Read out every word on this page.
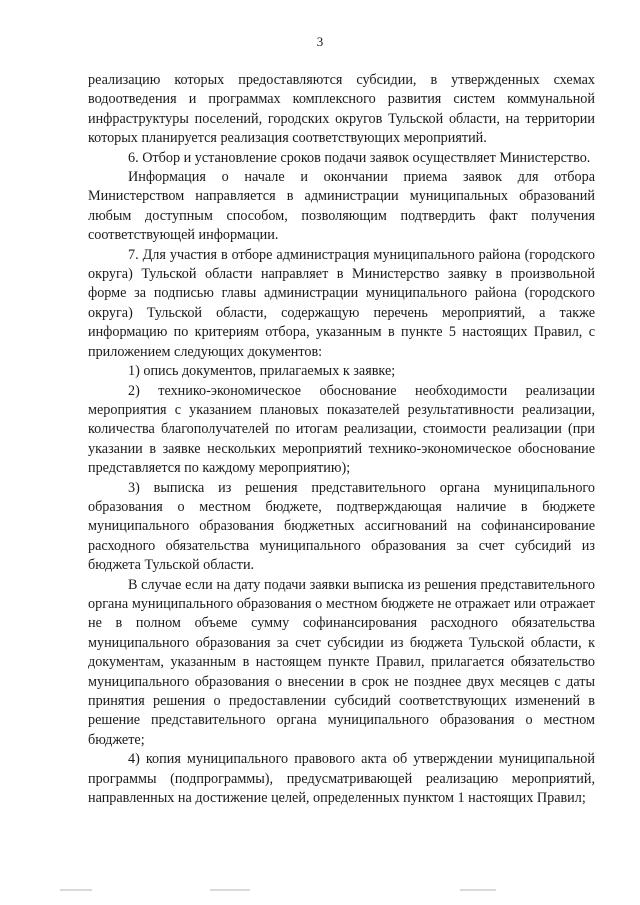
3

реализацию которых предоставляются субсидии, в утвержденных схемах водоотведения и программах комплексного развития систем коммунальной инфраструктуры поселений, городских округов Тульской области, на территории которых планируется реализация соответствующих мероприятий.

6. Отбор и установление сроков подачи заявок осуществляет Министерство.

Информация о начале и окончании приема заявок для отбора Министерством направляется в администрации муниципальных образований любым доступным способом, позволяющим подтвердить факт получения соответствующей информации.

7. Для участия в отборе администрация муниципального района (городского округа) Тульской области направляет в Министерство заявку в произвольной форме за подписью главы администрации муниципального района (городского округа) Тульской области, содержащую перечень мероприятий, а также информацию по критериям отбора, указанным в пункте 5 настоящих Правил, с приложением следующих документов:

1) опись документов, прилагаемых к заявке;

2) технико-экономическое обоснование необходимости реализации мероприятия с указанием плановых показателей результативности реализации, количества благополучателей по итогам реализации, стоимости реализации (при указании в заявке нескольких мероприятий технико-экономическое обоснование представляется по каждому мероприятию);

3) выписка из решения представительного органа муниципального образования о местном бюджете, подтверждающая наличие в бюджете муниципального образования бюджетных ассигнований на софинансирование расходного обязательства муниципального образования за счет субсидий из бюджета Тульской области.

В случае если на дату подачи заявки выписка из решения представительного органа муниципального образования о местном бюджете не отражает или отражает не в полном объеме сумму софинансирования расходного обязательства муниципального образования за счет субсидии из бюджета Тульской области, к документам, указанным в настоящем пункте Правил, прилагается обязательство муниципального образования о внесении в срок не позднее двух месяцев с даты принятия решения о предоставлении субсидий соответствующих изменений в решение представительного органа муниципального образования о местном бюджете;

4) копия муниципального правового акта об утверждении муниципальной программы (подпрограммы), предусматривающей реализацию мероприятий, направленных на достижение целей, определенных пунктом 1 настоящих Правил;
